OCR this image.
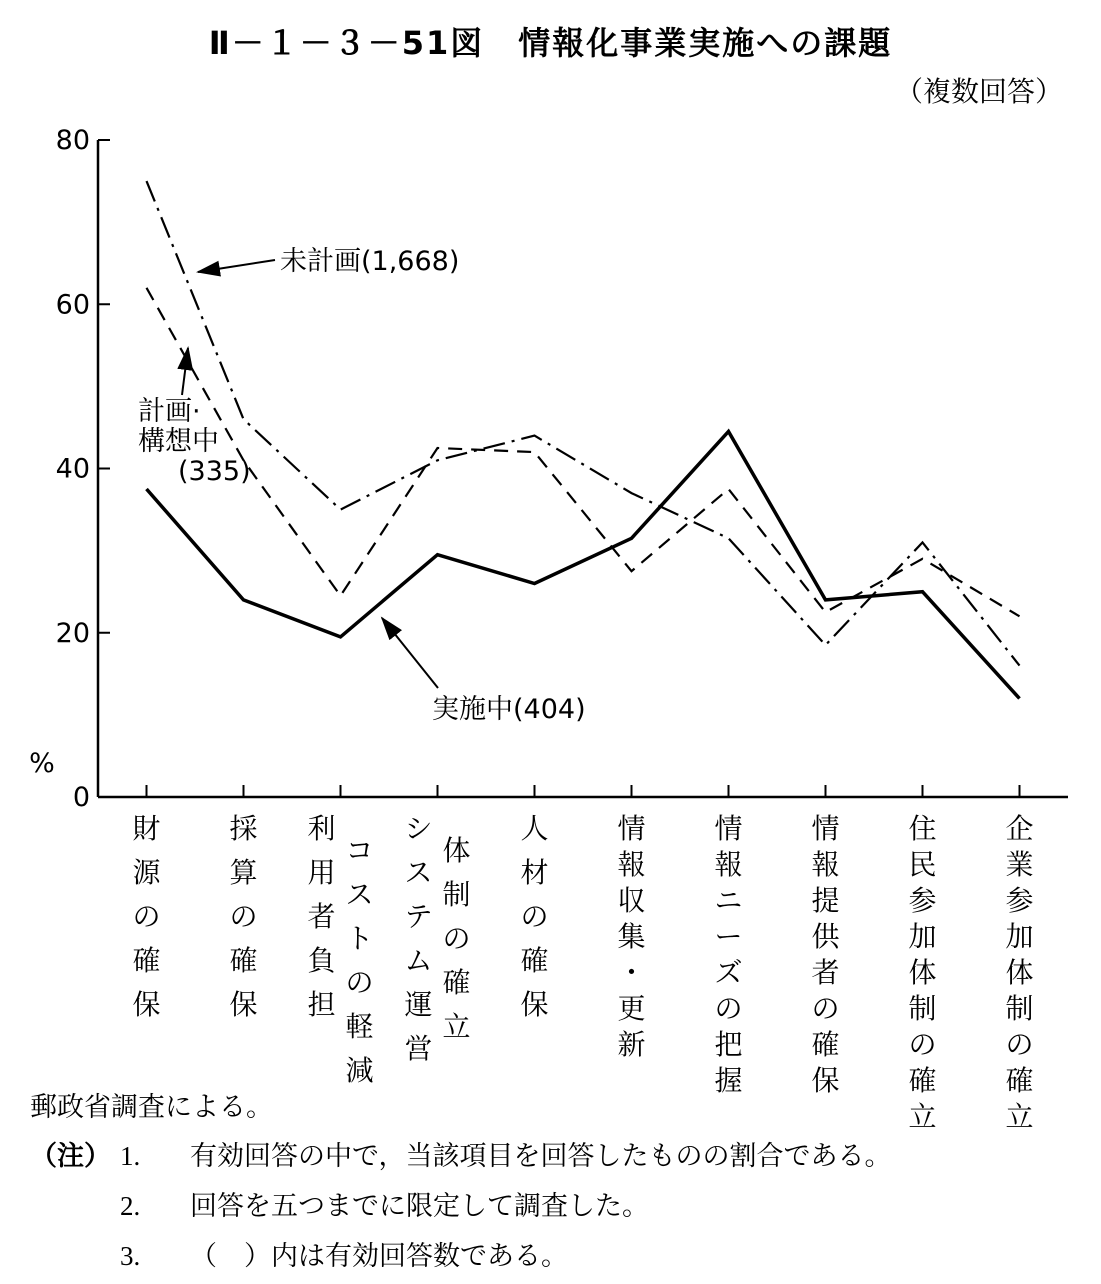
Ⅱ－１－３－51図　情報化事業実施への課題
（複数回答）
0
20
40
60
80
%
未計画(1,668)
計画·構想中(335)
実施中(404)
財源の確保
採算の確保
利用者負担
コストの軽減
システム運営
体制の確立
人材の確保
情報収集・更新
情報ニーズの把握
情報提供者の確保
住民参加体制の確立
企業参加体制の確立
郵政省調査による。
（注） 1.	有効回答の中で，当該項目を回答したものの割合である。
2.	回答を五つまでに限定して調査した。
3.	（　）内は有効回答数である。
